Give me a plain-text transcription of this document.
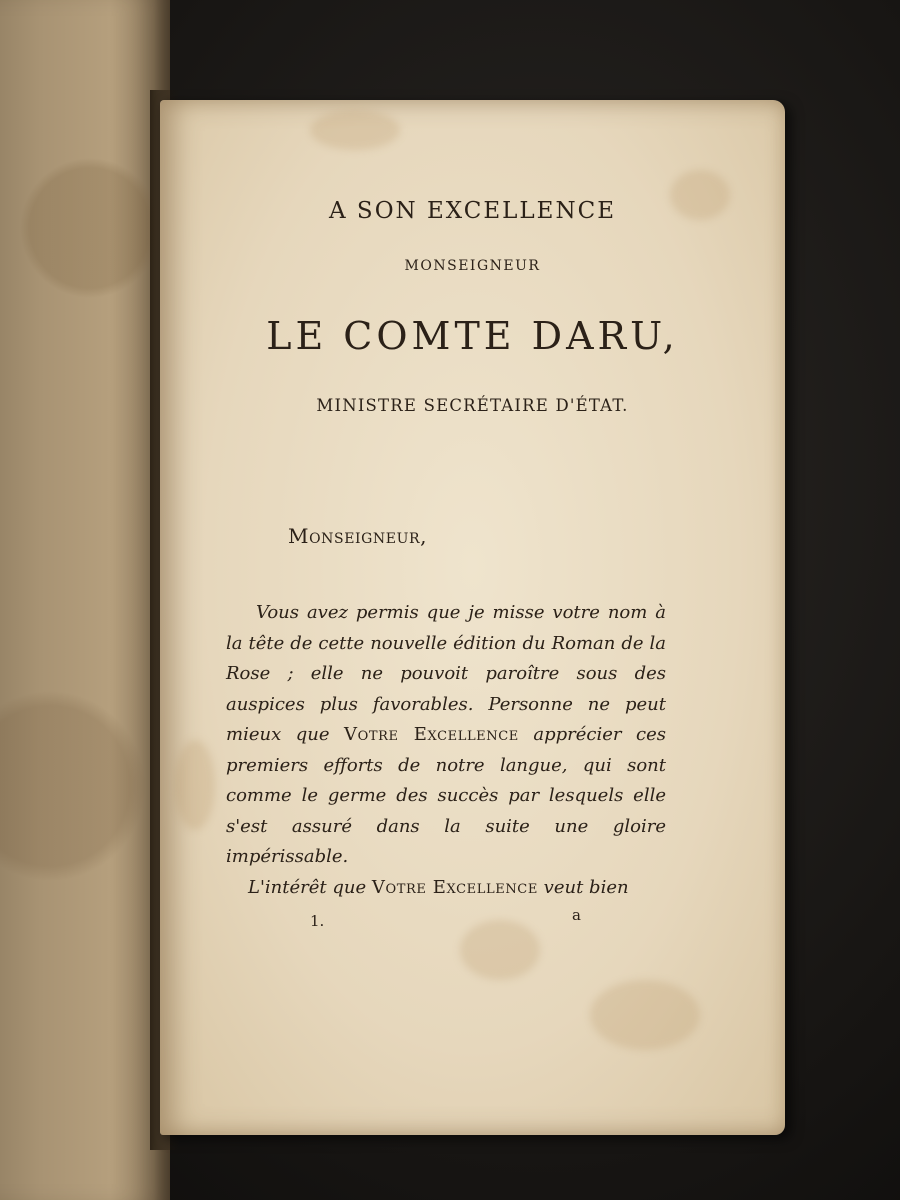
A SON EXCELLENCE
MONSEIGNEUR
LE COMTE DARU,
MINISTRE SECRÉTAIRE D'ÉTAT.
Monseigneur,

Vous avez permis que je misse votre nom à la tête de cette nouvelle édition du Roman de la Rose ; elle ne pouvoit paroître sous des auspices plus favorables. Personne ne peut mieux que Votre Excellence apprécier ces premiers efforts de notre langue, qui sont comme le germe des succès par lesquels elle s'est assuré dans la suite une gloire impérissable.

L'intérêt que Votre Excellence veut bien

1.	a
